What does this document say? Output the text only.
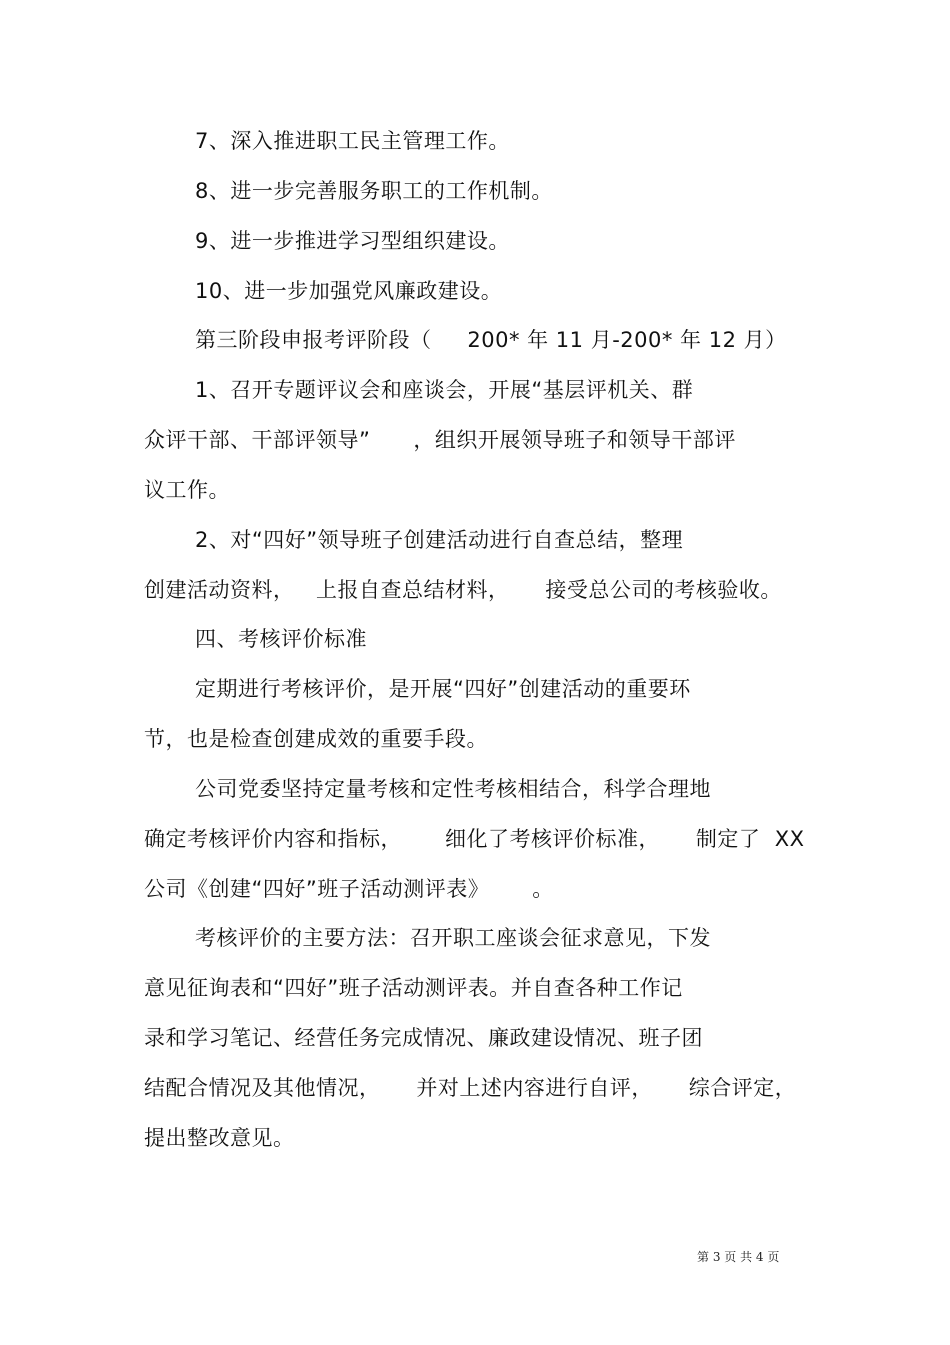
7、深入推进职工民主管理工作。
8、进一步完善服务职工的工作机制。
9、进一步推进学习型组织建设。
10、进一步加强党风廉政建设。
第三阶段申报考评阶段（     200* 年 11 月-200* 年 12 月）
1、召开专题评议会和座谈会，开展“基层评机关、群
众评干部、干部评领导”      ，组织开展领导班子和领导干部评
议工作。
2、对“四好”领导班子创建活动进行自查总结，整理
创建活动资料，   上报自查总结材料，     接受总公司的考核验收。
四、考核评价标准
定期进行考核评价，是开展“四好”创建活动的重要环
节，也是检查创建成效的重要手段。
公司党委坚持定量考核和定性考核相结合，科学合理地
确定考核评价内容和指标，      细化了考核评价标准，     制定了  XX
公司《创建“四好”班子活动测评表》      。
考核评价的主要方法：召开职工座谈会征求意见，下发
意见征询表和“四好”班子活动测评表。并自查各种工作记
录和学习笔记、经营任务完成情况、廉政建设情况、班子团
结配合情况及其他情况，     并对上述内容进行自评，     综合评定，
提出整改意见。
第 3 页 共 4 页
